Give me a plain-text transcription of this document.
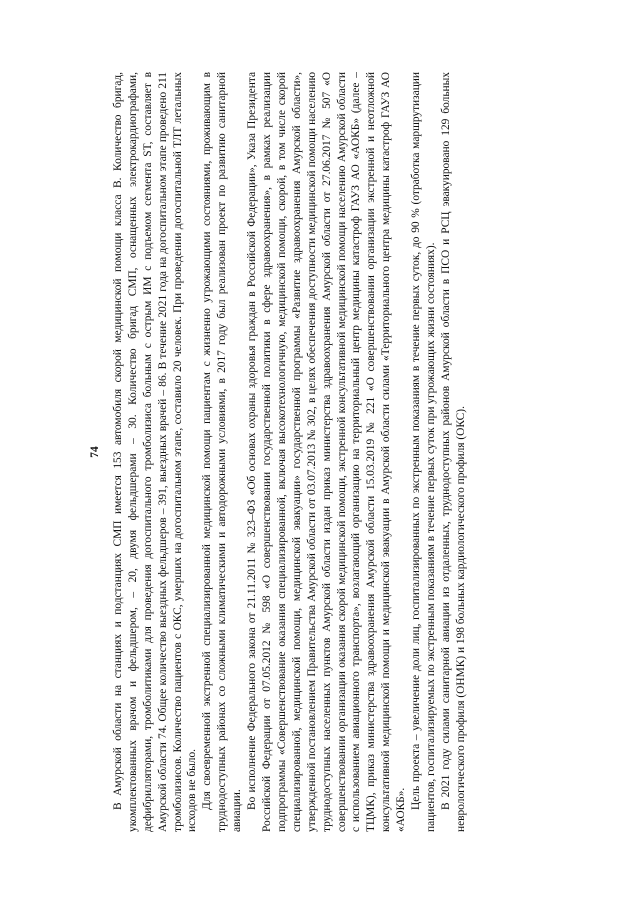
74 В Амурской области на станциях и подстанциях СМП имеется 153 автомобиля скорой медицинской помощи класса В. Количество бригад, укомплектованных врачом и фельдшером, – 20, двумя фельдшерами – 30. Количество бригад СМП, оснащенных электрокардиографами, дефибрилляторами, тромболитиками для проведения догоспитального тромболизиса больным с острым ИМ с подъемом сегмента ST, составляет в Амурской области 74. Общее количество выездных фельдшеров – 391, выездных врачей – 86. В течение 2021 года на догоспитальном этапе проведено 211 тромболизисов. Количество пациентов с ОКС, умерших на догоспитальном этапе, составило 20 человек. При проведении догоспитальной ТЛТ летальных исходов не было. Для своевременной экстренной специализированной медицинской помощи пациентам с жизненно угрожающими состояниями, проживающим в труднодоступных районах со сложными климатическими и автодорожными условиями, в 2017 году был реализован проект по развитию санитарной авиации.

Во исполнение Федерального закона от 21.11.2011 № 323–ФЗ «Об основах охраны здоровья граждан в Российской Федерации», Указа Президента Российской Федерации от 07.05.2012 № 598 «О совершенствовании государственной политики в сфере здравоохранения», в рамках реализации подпрограммы «Совершенствование оказания специализированной, включая высокотехнологичную, медицинской помощи, скорой, в том числе скорой специализированной, медицинской помощи, медицинской эвакуации» государственной программы «Развитие здравоохранения Амурской области», утвержденной постановлением Правительства Амурской области от 03.07.2013 № 302, в целях обеспечения доступности медицинской помощи населению труднодоступных населенных пунктов Амурской области издан приказ министерства здравоохранения Амурской области от 27.06.2017 № 507 «О совершенствовании организации оказания скорой медицинской помощи, экстренной консультативной медицинской помощи населению Амурской области с использованием авиационного транспорта», возлагающий организацию на территориальный центр медицины катастроф ГАУЗ АО «АОКБ» (далее – ТЦМК), приказ министерства здравоохранения Амурской области 15.03.2019 № 221 «О совершенствовании организации экстренной и неотложной консультативной медицинской помощи и медицинской эвакуации в Амурской области силами «Территориального центра медицины катастроф ГАУЗ АО «АОКБ». Цель проекта – увеличение доли лиц, госпитализированных по экстренным показаниям в течение первых суток, до 90 % (отработка маршрутизации пациентов, госпитализируемых по экстренным показаниям в течение первых суток при угрожающих жизни состояниях). В 2021 году силами санитарной авиации из отдаленных, труднодоступных районов Амурской области в ПСО и РСЦ эвакуировано 129 больных неврологического профиля (ОНМК) и 198 больных кардиологического профиля (ОКС).
